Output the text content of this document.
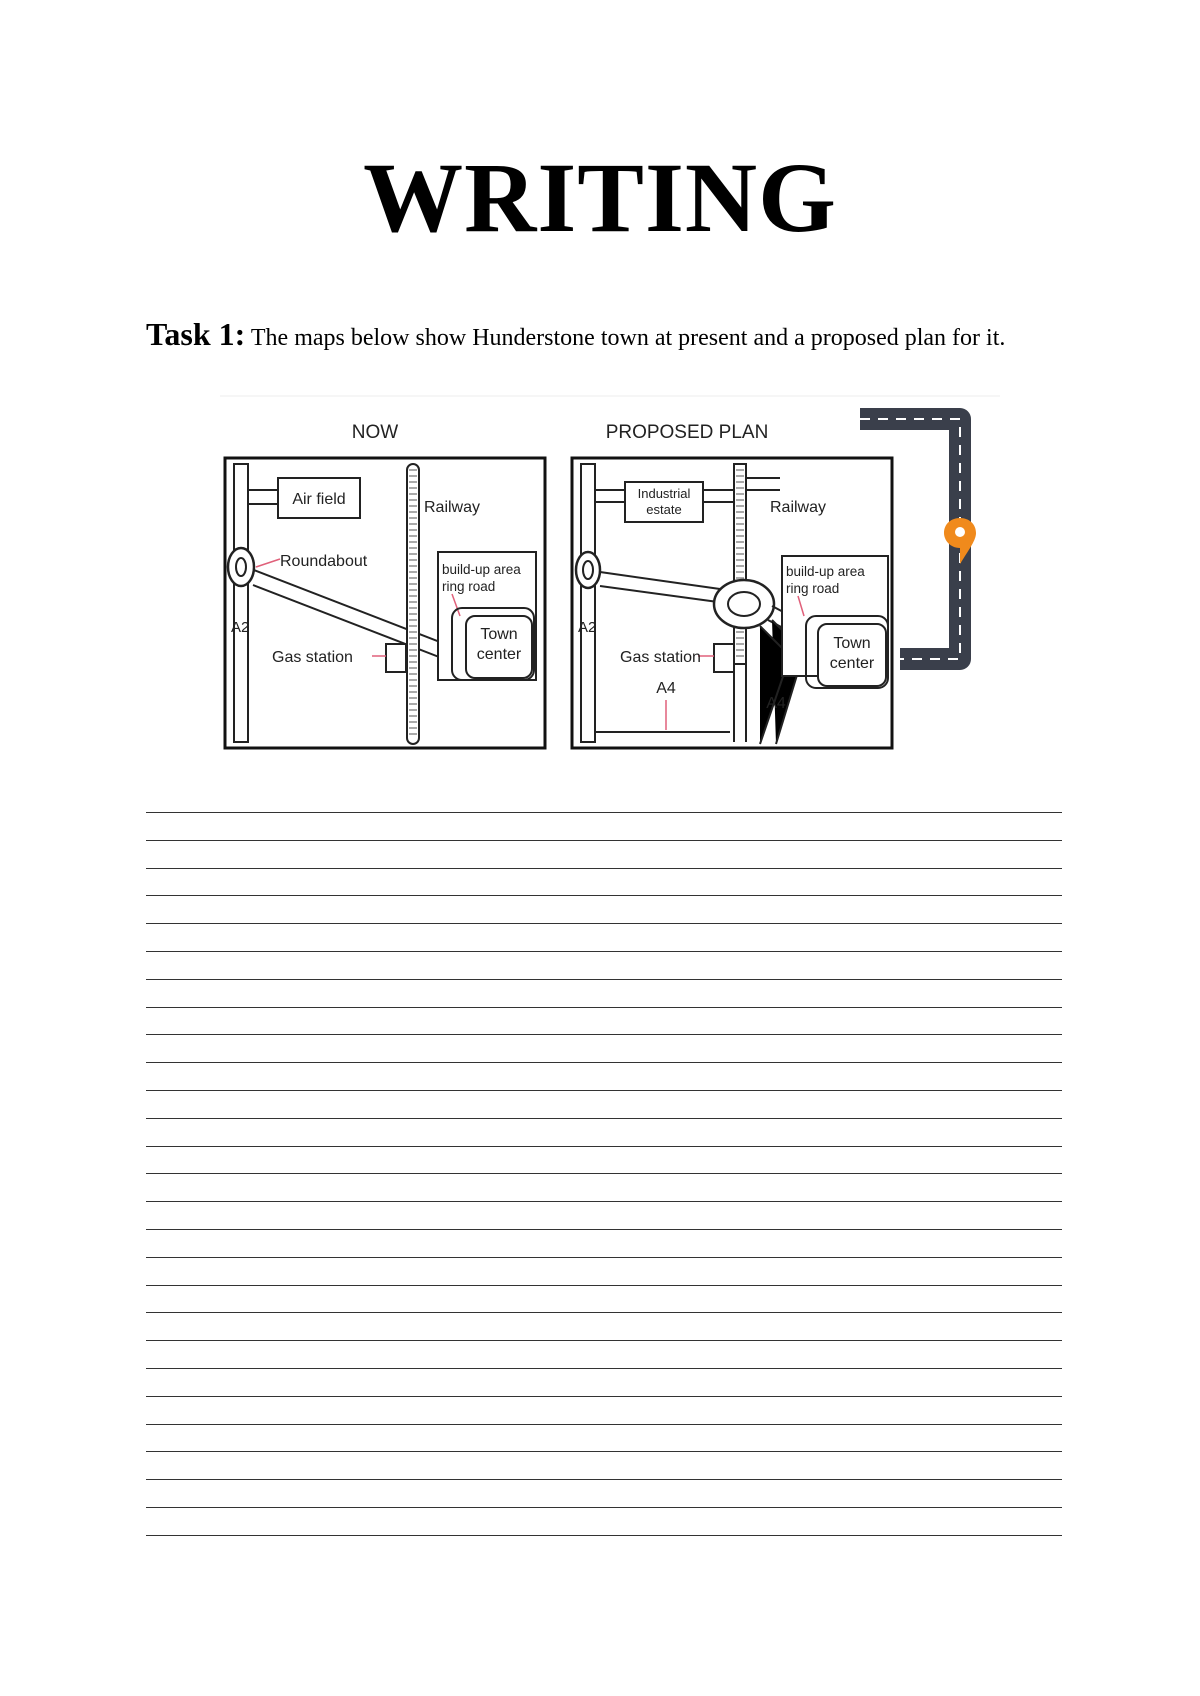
WRITING
Task 1: The maps below show Hunderstone town at present and a proposed plan for it.
NOW
Air field	Railway
Roundabout	build-up area
ring road
Town
center
Gas station
A2
PROPOSED PLAN
Industrial
estate	Railway
build-up area
ring road
Town
center
Gas station
A2
A4
A4
